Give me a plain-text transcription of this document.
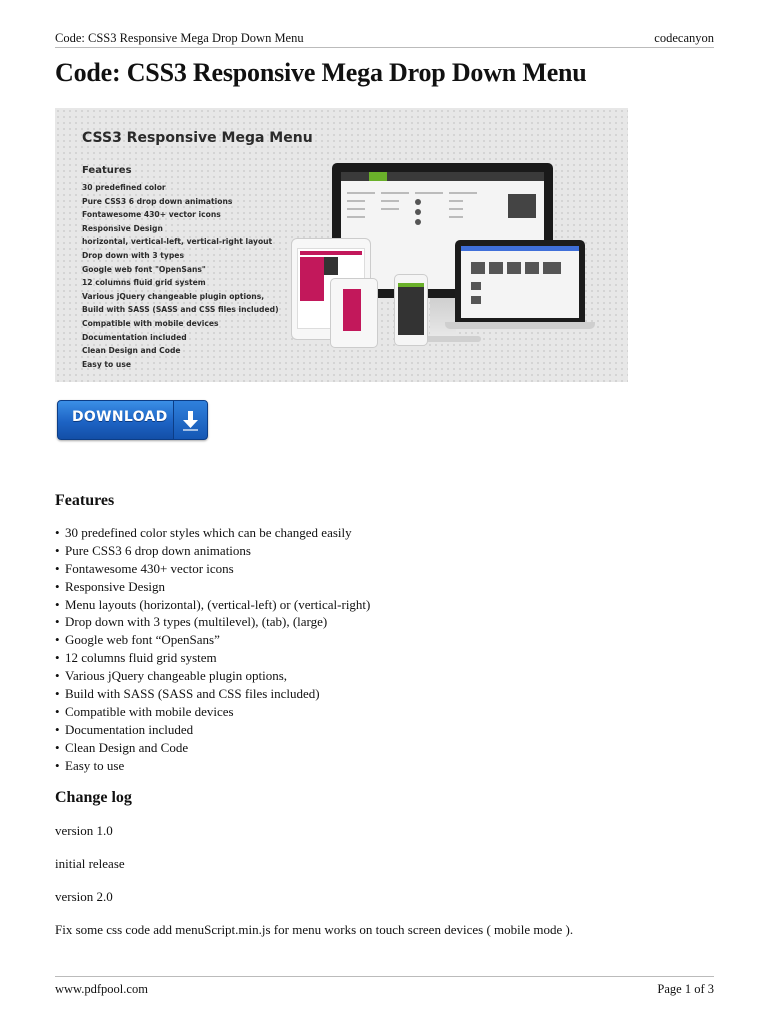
Code: CSS3 Responsive Mega Drop Down Menu	codecanyon
Code: CSS3 Responsive Mega Drop Down Menu
CSS3 Responsive Mega Menu
Features
30 predefined color
Pure CSS3 6 drop down animations
Fontawesome 430+ vector icons
Responsive Design
horizontal, vertical-left, vertical-right layout
Drop down with 3 types
Google web font "OpenSans"
12 columns fluid grid system
Various jQuery changeable plugin options,
Build with SASS (SASS and CSS files included)
Compatible with mobile devices
Documentation included
Clean Design and Code
Easy to use
DOWNLOAD
Features
• 30 predefined color styles which can be changed easily
• Pure CSS3 6 drop down animations
• Fontawesome 430+ vector icons
• Responsive Design
• Menu layouts (horizontal), (vertical-left) or (vertical-right)
• Drop down with 3 types (multilevel), (tab), (large)
• Google web font “OpenSans”
• 12 columns fluid grid system
• Various jQuery changeable plugin options,
• Build with SASS (SASS and CSS files included)
• Compatible with mobile devices
• Documentation included
• Clean Design and Code
• Easy to use
Change log

version 1.0

initial release

version 2.0

Fix some css code add menuScript.min.js for menu works on touch screen devices ( mobile mode ).

www.pdfpool.com	Page 1 of 3
